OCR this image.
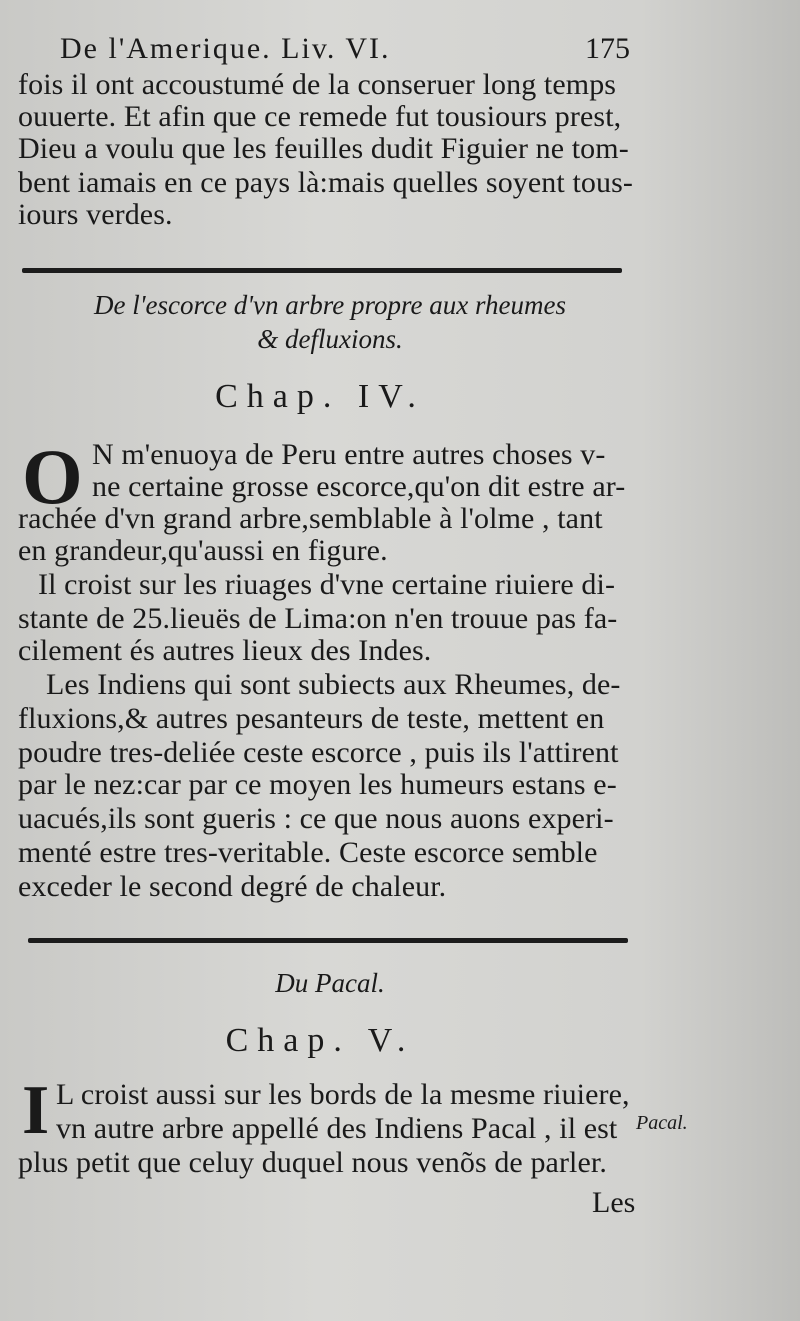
De l'Amerique. Liv. VI.	175
fois il ont accoustumé de la conseruer long temps
ouuerte. Et afin que ce remede fut tousiours prest,
Dieu a voulu que les feuilles dudit Figuier ne tom-
bent iamais en ce pays là:mais quelles soyent tous-
iours verdes.
De l'escorce d'vn arbre propre aux rheumes
& defluxions.
Chap. IV.
O N m'enuoya de Peru entre autres choses v-
ne certaine grosse escorce,qu'on dit estre ar-
rachée d'vn grand arbre,semblable à l'olme , tant
en grandeur,qu'aussi en figure.
Il croist sur les riuages d'vne certaine riuiere di-
stante de 25.lieuës de Lima:on n'en trouue pas fa-
cilement és autres lieux des Indes.
Les Indiens qui sont subiects aux Rheumes, de-
fluxions,& autres pesanteurs de teste, mettent en
poudre tres-deliée ceste escorce , puis ils l'attirent
par le nez:car par ce moyen les humeurs estans e-
uacués,ils sont gueris : ce que nous auons experi-
menté estre tres-veritable. Ceste escorce semble
exceder le second degré de chaleur.
Du Pacal.
Chap. V.
I L croist aussi sur les bords de la mesme riuiere,
vn autre arbre appellé des Indiens Pacal , il est
plus petit que celuy duquel nous venõs de parler.
Pacal.
Les
